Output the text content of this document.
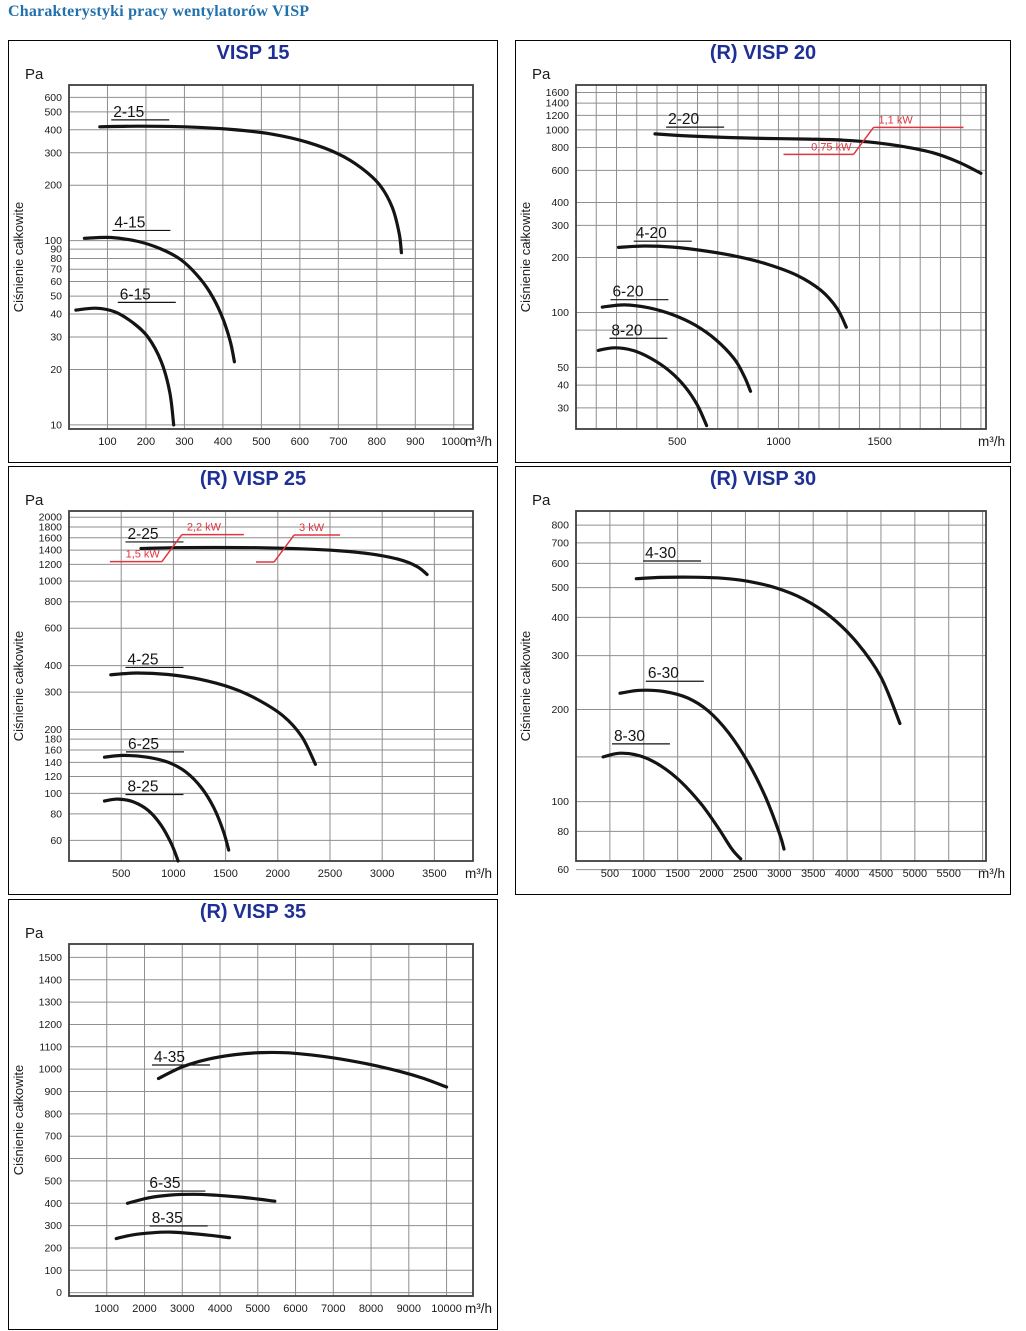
Charakterystyki pracy wentylatorów VISP
VISP 15
600
500
400
300
200
100
90
80
70
60
50
40
30
20
10
100 200 300 400 500 600 700 800 900 1000
Pa
m³/h
Ciśnienie całkowite
2-15
4-15
6-15
(R) VISP 20
1600
1400
1200
1000
800
600
400
300
200
100
50
40
30
500	1000	1500
Pa
m³/h
Ciśnienie całkowite
2-20
4-20
6-20
8-20
1,1 kW
0,75 kW
(R) VISP 25
2000
1800
1600
1400
1200
1000
800
600
400
300
200
180
160
140
120
100
80
60
500	1000	1500	2000	2500	3000	3500
Pa
m³/h
Ciśnienie całkowite
2-25
4-25
6-25
8-25
2,2 kW
1,5 kW
3 kW
(R) VISP 30
800
700
600
500
400
300
200
100
80
60	500 1000 1500 2000 2500 3000 3500 4000 4500 5000 5500
Pa
m³/h
Ciśnienie całkowite
4-30
6-30
8-30
(R) VISP 35
1500
1400
1300
1200
1100
1000
900
800
700
600
500
400
300
200
100
0
1000 2000 3000 4000 5000 6000 7000 8000 9000 10000
Pa
m³/h
Ciśnienie całkowite
4-35
6-35
8-35
